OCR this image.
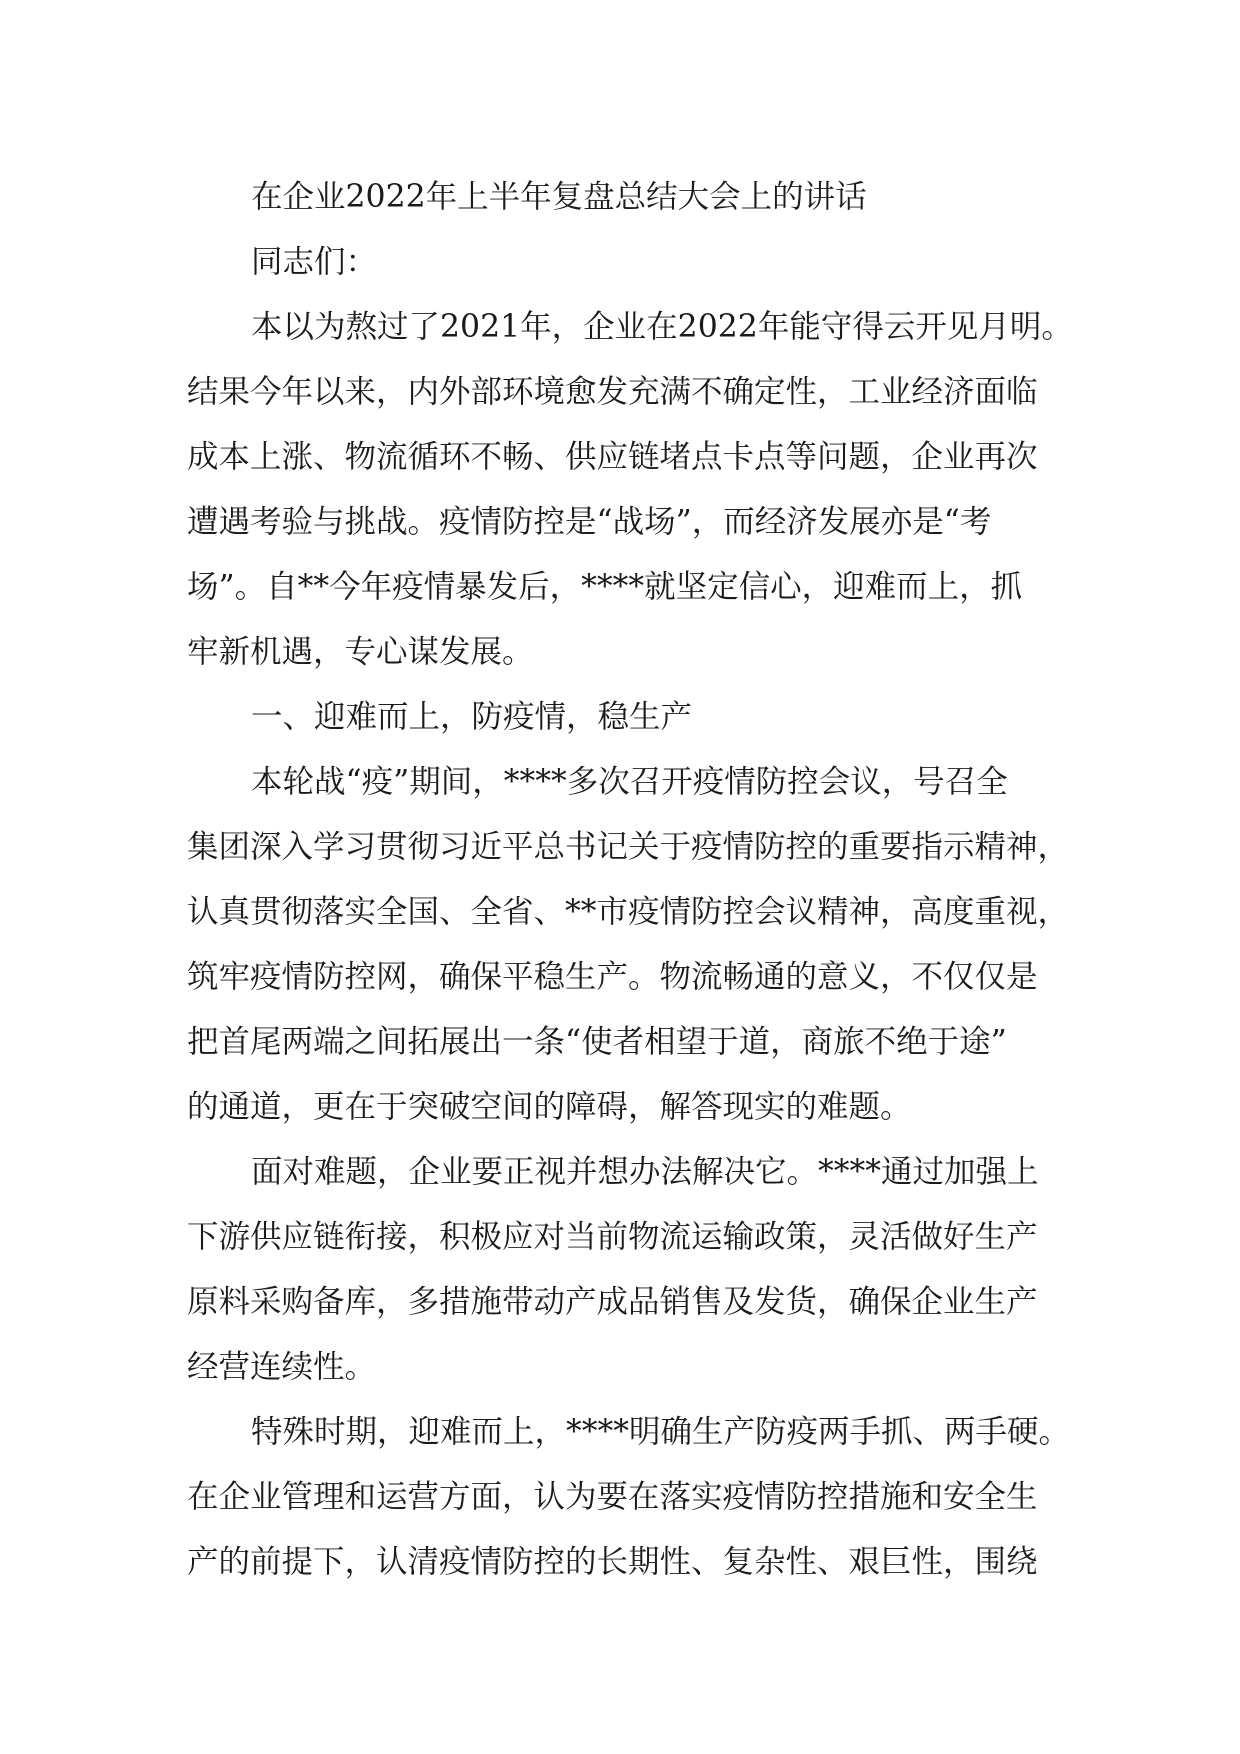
在企业2022年上半年复盘总结大会上的讲话
同志们：
本以为熬过了2021年，企业在2022年能守得云开见月明。
结果今年以来，内外部环境愈发充满不确定性，工业经济面临
成本上涨、物流循环不畅、供应链堵点卡点等问题，企业再次
遭遇考验与挑战。疫情防控是“战场”，而经济发展亦是“考
场”。自**今年疫情暴发后，****就坚定信心，迎难而上，抓
牢新机遇，专心谋发展。
一、迎难而上，防疫情，稳生产
本轮战“疫”期间，****多次召开疫情防控会议，号召全
集团深入学习贯彻习近平总书记关于疫情防控的重要指示精神，
认真贯彻落实全国、全省、**市疫情防控会议精神，高度重视，
筑牢疫情防控网，确保平稳生产。物流畅通的意义，不仅仅是
把首尾两端之间拓展出一条“使者相望于道，商旅不绝于途”
的通道，更在于突破空间的障碍，解答现实的难题。
面对难题，企业要正视并想办法解决它。****通过加强上
下游供应链衔接，积极应对当前物流运输政策，灵活做好生产
原料采购备库，多措施带动产成品销售及发货，确保企业生产
经营连续性。
特殊时期，迎难而上，****明确生产防疫两手抓、两手硬。
在企业管理和运营方面，认为要在落实疫情防控措施和安全生
产的前提下，认清疫情防控的长期性、复杂性、艰巨性，围绕
